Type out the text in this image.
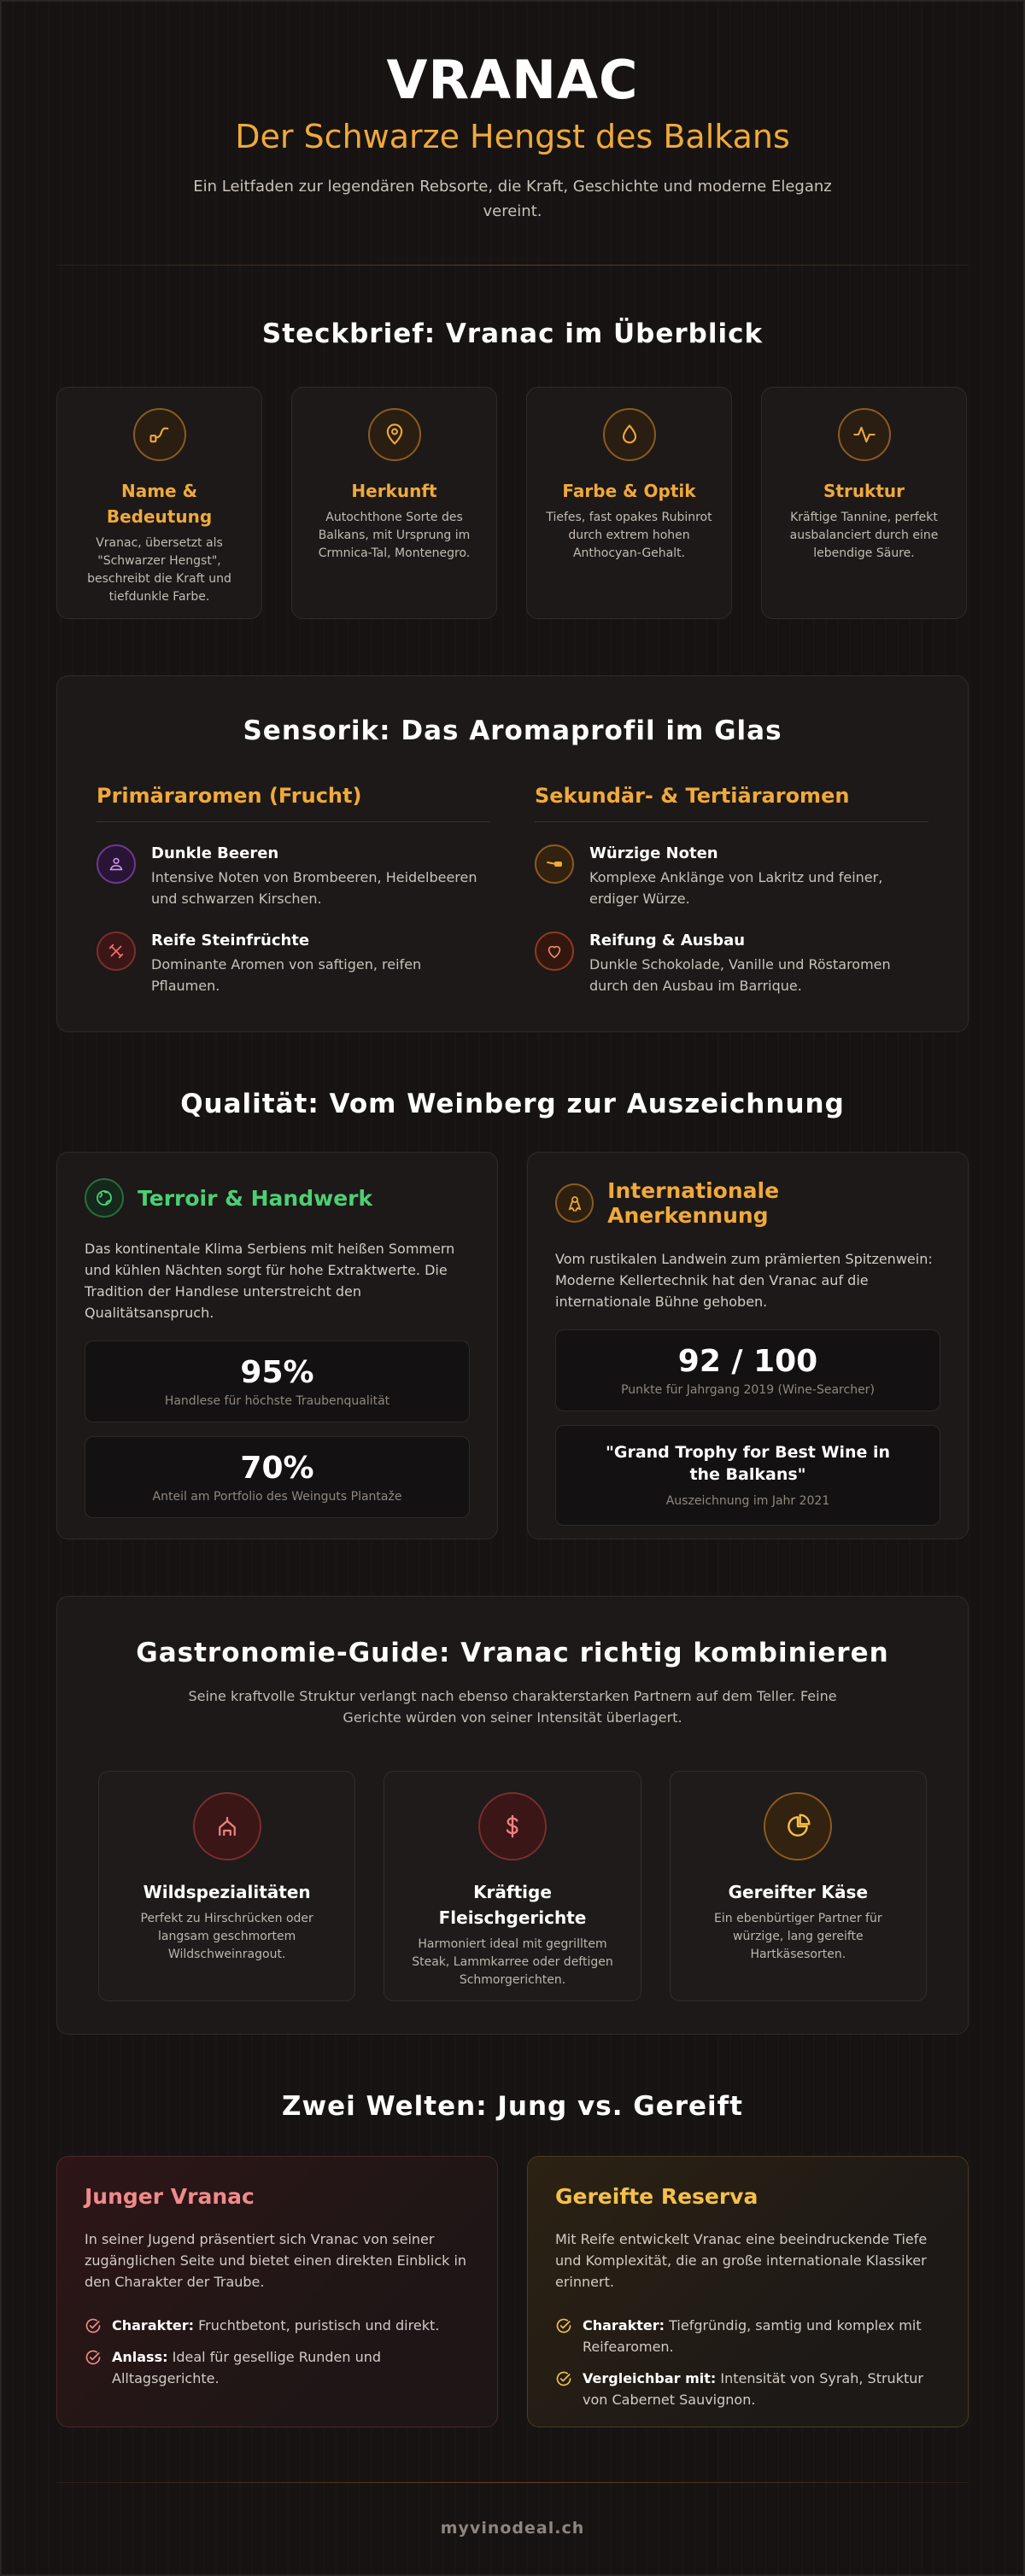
VRANAC
Der Schwarze Hengst des Balkans

Ein Leitfaden zur legendären Rebsorte, die Kraft, Geschichte und moderne Eleganz vereint.

Steckbrief: Vranac im Überblick
Name & Bedeutung

Vranac, übersetzt als "Schwarzer Hengst", beschreibt die Kraft und tiefdunkle Farbe.

Herkunft

Autochthone Sorte des Balkans, mit Ursprung im Crmnica-Tal, Montenegro.

Farbe & Optik

Tiefes, fast opakes Rubinrot durch extrem hohen Anthocyan-Gehalt.

Struktur

Kräftige Tannine, perfekt ausbalanciert durch eine lebendige Säure.

Sensorik: Das Aromaprofil im Glas
Primäraromen (Frucht)
Dunkle Beeren

Intensive Noten von Brombeeren, Heidelbeeren und schwarzen Kirschen.

Reife Steinfrüchte

Dominante Aromen von saftigen, reifen Pflaumen.

Sekundär- & Tertiäraromen
Würzige Noten

Komplexe Anklänge von Lakritz und feiner, erdiger Würze.

Reifung & Ausbau

Dunkle Schokolade, Vanille und Röstaromen durch den Ausbau im Barrique.

Qualität: Vom Weinberg zur Auszeichnung
Terroir & Handwerk

Das kontinentale Klima Serbiens mit heißen Sommern und kühlen Nächten sorgt für hohe Extraktwerte. Die Tradition der Handlese unterstreicht den Qualitätsanspruch.

95%
Handlese für höchste Traubenqualität
70%
Anteil am Portfolio des Weinguts Plantaže
Internationale Anerkennung

Vom rustikalen Landwein zum prämierten Spitzenwein: Moderne Kellertechnik hat den Vranac auf die internationale Bühne gehoben.

92 / 100
Punkte für Jahrgang 2019 (Wine-Searcher)
"Grand Trophy for Best Wine in the Balkans"
Auszeichnung im Jahr 2021
Gastronomie-Guide: Vranac richtig kombinieren

Seine kraftvolle Struktur verlangt nach ebenso charakterstarken Partnern auf dem Teller. Feine Gerichte würden von seiner Intensität überlagert.

Wildspezialitäten

Perfekt zu Hirschrücken oder langsam geschmortem Wildschweinragout.

Kräftige Fleischgerichte

Harmoniert ideal mit gegrilltem Steak, Lammkarree oder deftigen Schmorgerichten.

Gereifter Käse

Ein ebenbürtiger Partner für würzige, lang gereifte Hartkäsesorten.

Zwei Welten: Jung vs. Gereift
Junger Vranac

In seiner Jugend präsentiert sich Vranac von seiner zugänglichen Seite und bietet einen direkten Einblick in den Charakter der Traube.

Charakter: Fruchtbetont, puristisch und direkt.
Anlass: Ideal für gesellige Runden und Alltagsgerichte.
Gereifte Reserva

Mit Reife entwickelt Vranac eine beeindruckende Tiefe und Komplexität, die an große internationale Klassiker erinnert.

Charakter: Tiefgründig, samtig und komplex mit Reifearomen.
Vergleichbar mit: Intensität von Syrah, Struktur von Cabernet Sauvignon.
myvinodeal.ch
